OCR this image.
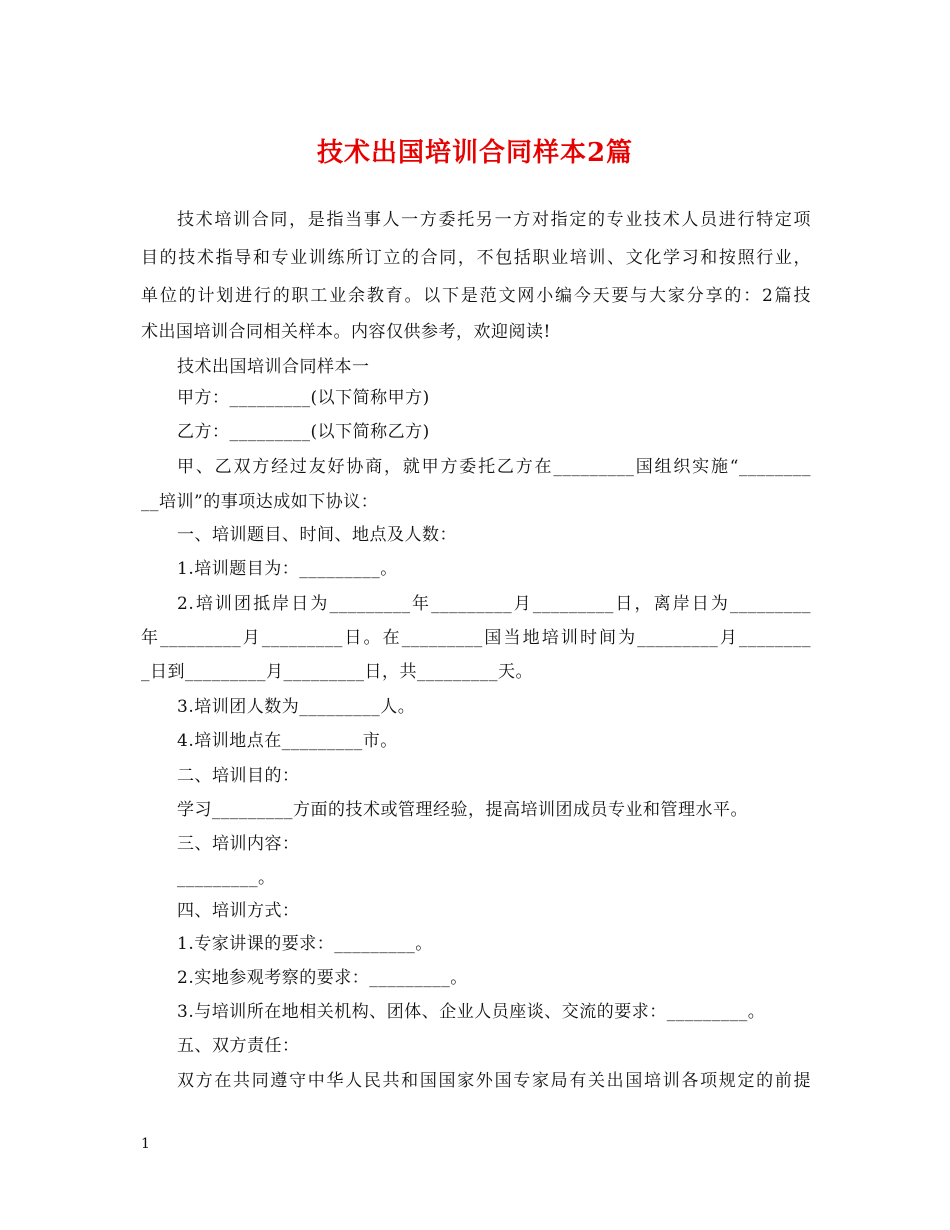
技术出国培训合同样本2篇
技术培训合同，是指当事人一方委托另一方对指定的专业技术人员进行特定项
目的技术指导和专业训练所订立的合同，不包括职业培训、文化学习和按照行业，
单位的计划进行的职工业余教育。以下是范文网小编今天要与大家分享的：2篇技
术出国培训合同相关样本。内容仅供参考，欢迎阅读!
技术出国培训合同样本一
甲方：_________(以下简称甲方)
乙方：_________(以下简称乙方)
甲、乙双方经过友好协商，就甲方委托乙方在_________国组织实施“________
__培训”的事项达成如下协议：
一、培训题目、时间、地点及人数：
1.培训题目为：_________。
2.培训团抵岸日为_________年_________月_________日，离岸日为_________
年_________月_________日。在_________国当地培训时间为_________月________
_日到_________月_________日，共_________天。
3.培训团人数为_________人。
4.培训地点在_________市。
二、培训目的：
学习_________方面的技术或管理经验，提高培训团成员专业和管理水平。
三、培训内容：
_________。
四、培训方式：
1.专家讲课的要求：_________。
2.实地参观考察的要求：_________。
3.与培训所在地相关机构、团体、企业人员座谈、交流的要求：_________。
五、双方责任：
双方在共同遵守中华人民共和国国家外国专家局有关出国培训各项规定的前提
1
